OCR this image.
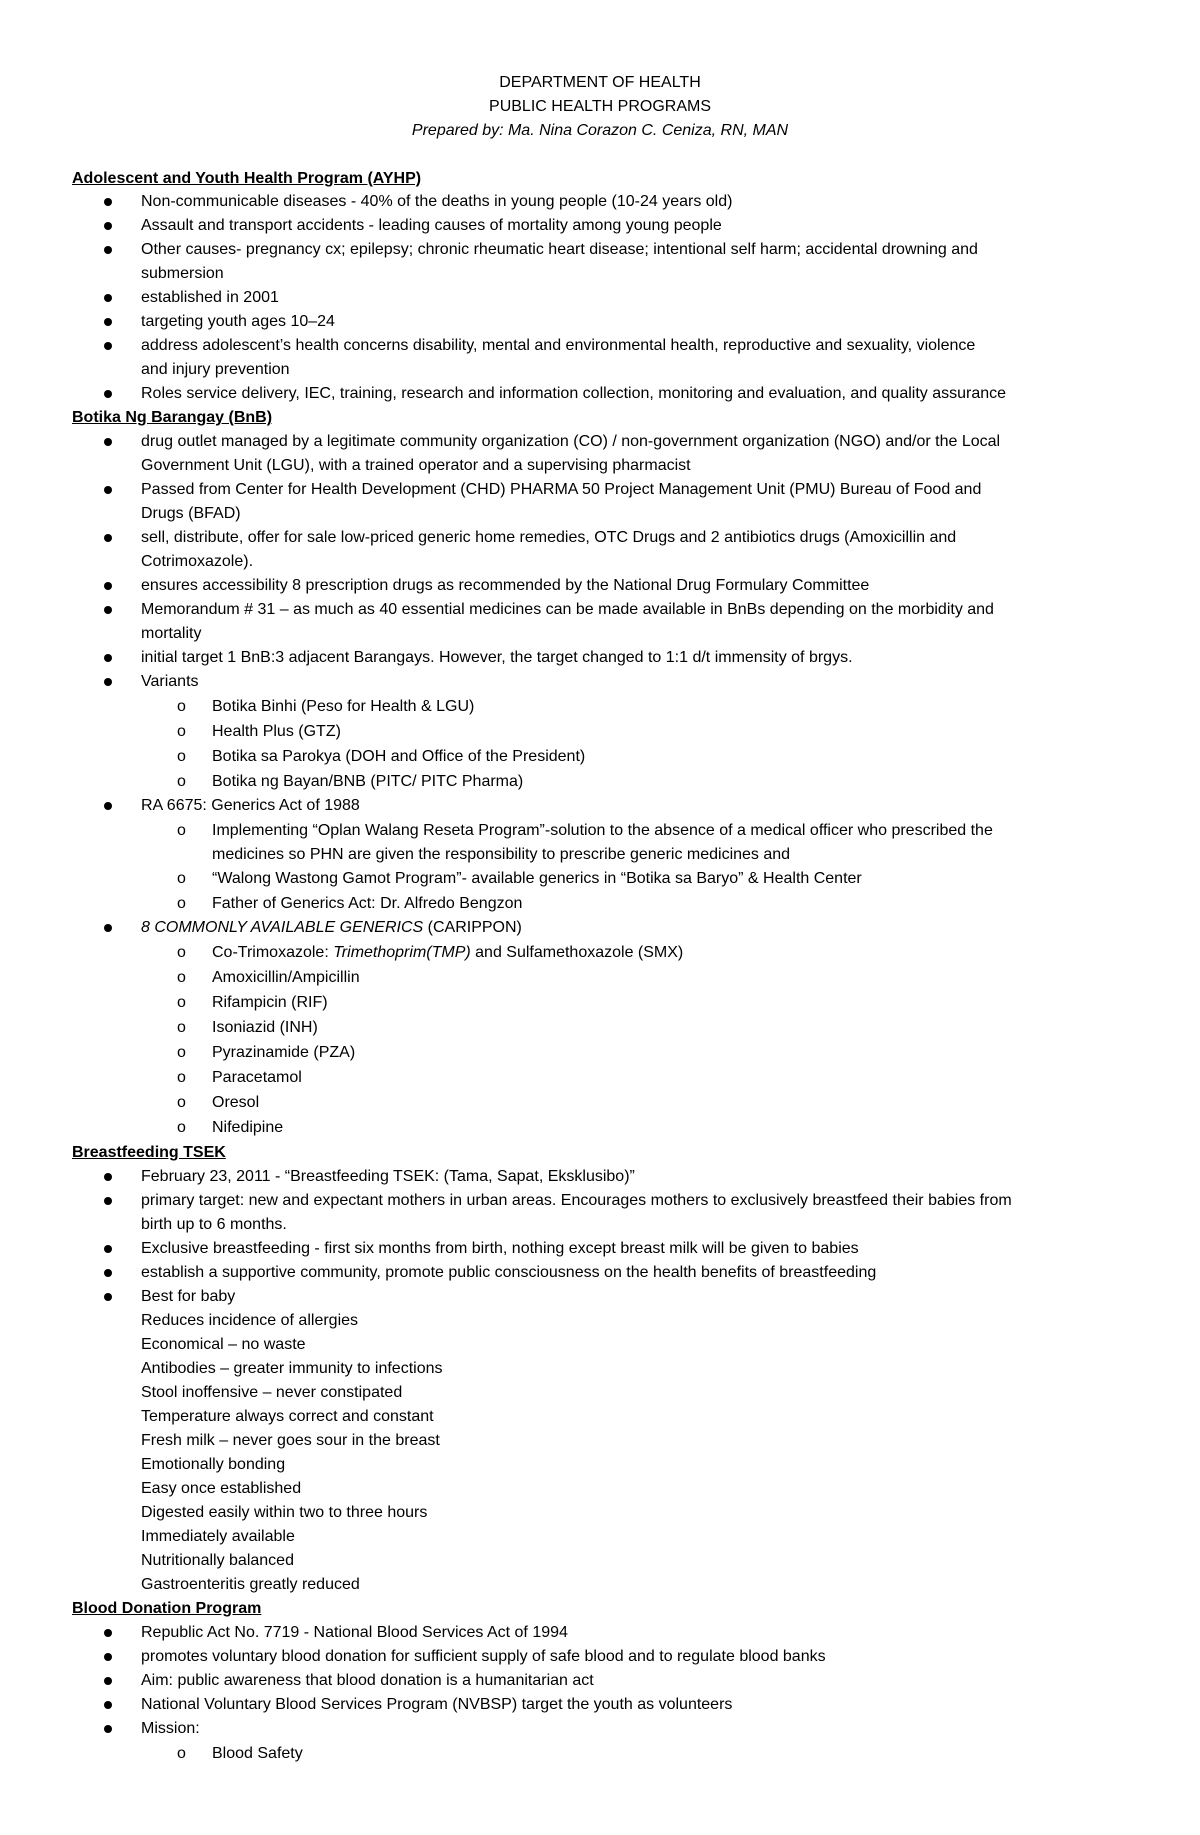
DEPARTMENT OF HEALTH
PUBLIC HEALTH PROGRAMS
Prepared by: Ma. Nina Corazon C. Ceniza, RN, MAN
Adolescent and Youth Health Program (AYHP)
Non-communicable diseases - 40% of the deaths in young people (10-24 years old)
Assault and transport accidents - leading causes of mortality among young people
Other causes- pregnancy cx; epilepsy; chronic rheumatic heart disease; intentional self harm; accidental drowning and
submersion
established in 2001
targeting youth ages 10–24
address adolescent’s health concerns disability, mental and environmental health, reproductive and sexuality, violence
and injury prevention
Roles service delivery, IEC, training, research and information collection, monitoring and evaluation, and quality assurance
Botika Ng Barangay (BnB)
drug outlet managed by a legitimate community organization (CO) / non-government organization (NGO) and/or the Local
Government Unit (LGU), with a trained operator and a supervising pharmacist
Passed from Center for Health Development (CHD) PHARMA 50 Project Management Unit (PMU) Bureau of Food and
Drugs (BFAD)
sell, distribute, offer for sale low-priced generic home remedies, OTC Drugs and 2 antibiotics drugs (Amoxicillin and
Cotrimoxazole).
ensures accessibility 8 prescription drugs as recommended by the National Drug Formulary Committee
Memorandum # 31 – as much as 40 essential medicines can be made available in BnBs depending on the morbidity and
mortality
initial target 1 BnB:3 adjacent Barangays. However, the target changed to 1:1 d/t immensity of brgys.
Variants
o Botika Binhi (Peso for Health & LGU)
o Health Plus (GTZ)
o Botika sa Parokya (DOH and Office of the President)
o Botika ng Bayan/BNB (PITC/ PITC Pharma)
RA 6675: Generics Act of 1988
o Implementing “Oplan Walang Reseta Program”-solution to the absence of a medical officer who prescribed the
medicines so PHN are given the responsibility to prescribe generic medicines and
o “Walong Wastong Gamot Program”- available generics in “Botika sa Baryo” & Health Center
o Father of Generics Act: Dr. Alfredo Bengzon
8 COMMONLY AVAILABLE GENERICS (CARIPPON)
o Co-Trimoxazole: Trimethoprim(TMP) and Sulfamethoxazole (SMX)
o Amoxicillin/Ampicillin
o Rifampicin (RIF)
o Isoniazid (INH)
o Pyrazinamide (PZA)
o Paracetamol
o Oresol
o Nifedipine
Breastfeeding TSEK
February 23, 2011 - “Breastfeeding TSEK: (Tama, Sapat, Eksklusibo)”
primary target: new and expectant mothers in urban areas. Encourages mothers to exclusively breastfeed their babies from
birth up to 6 months.
Exclusive breastfeeding - first six months from birth, nothing except breast milk will be given to babies
establish a supportive community, promote public consciousness on the health benefits of breastfeeding
Best for baby
Reduces incidence of allergies
Economical – no waste
Antibodies – greater immunity to infections
Stool inoffensive – never constipated
Temperature always correct and constant
Fresh milk – never goes sour in the breast
Emotionally bonding
Easy once established
Digested easily within two to three hours
Immediately available
Nutritionally balanced
Gastroenteritis greatly reduced
Blood Donation Program
Republic Act No. 7719 - National Blood Services Act of 1994
promotes voluntary blood donation for sufficient supply of safe blood and to regulate blood banks
Aim: public awareness that blood donation is a humanitarian act
National Voluntary Blood Services Program (NVBSP) target the youth as volunteers
Mission:
o Blood Safety
